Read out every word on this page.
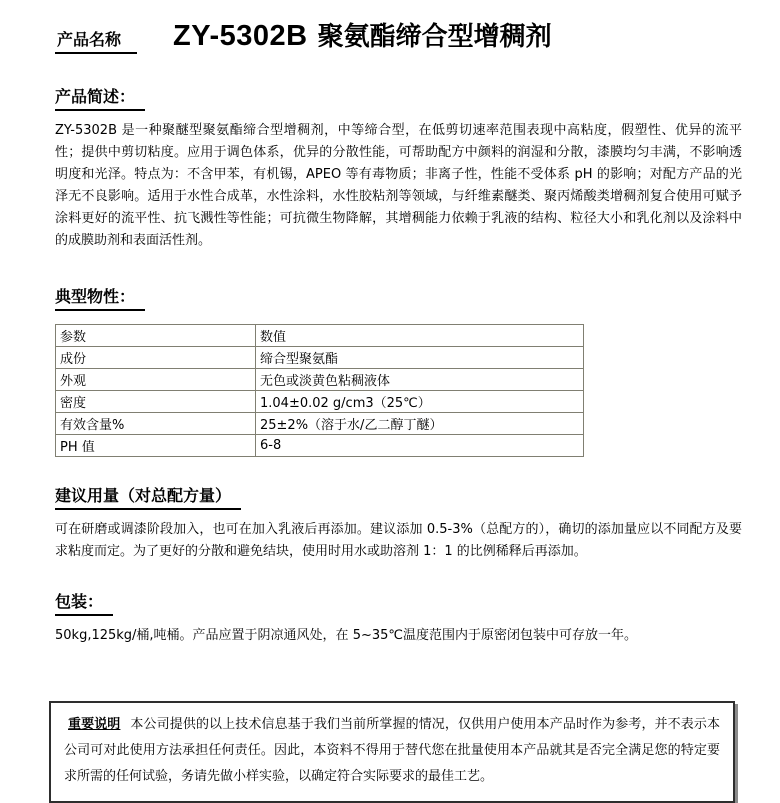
产品名称	ZY-5302B 聚氨酯缔合型增稠剂
产品简述：
ZY-5302B 是一种聚醚型聚氨酯缔合型增稠剂，中等缔合型，在低剪切速率范围表现中高粘度，假塑性、优异的流平性；提供中剪切粘度。应用于调色体系，优异的分散性能，可帮助配方中颜料的润湿和分散，漆膜均匀丰满，不影响透明度和光泽。特点为：不含甲苯，有机锡，APEO 等有毒物质；非离子性，性能不受体系 pH 的影响；对配方产品的光泽无不良影响。适用于水性合成革，水性涂料，水性胶粘剂等领域，与纤维素醚类、聚丙烯酸类增稠剂复合使用可赋予涂料更好的流平性、抗飞溅性等性能；可抗微生物降解，其增稠能力依赖于乳液的结构、粒径大小和乳化剂以及涂料中的成膜助剂和表面活性剂。
典型物性：
参数	数值
成份	缔合型聚氨酯
外观	无色或淡黄色粘稠液体
密度	1.04±0.02 g/cm3（25℃）
有效含量%	25±2%（溶于水/乙二醇丁醚）
PH 值	6-8
建议用量（对总配方量）
可在研磨或调漆阶段加入，也可在加入乳液后再添加。建议添加 0.5-3%（总配方的），确切的添加量应以不同配方及要求粘度而定。为了更好的分散和避免结块，使用时用水或助溶剂 1：1 的比例稀释后再添加。
包装：
50kg,125kg/桶,吨桶。产品应置于阴凉通风处，在 5~35℃温度范围内于原密闭包装中可存放一年。
重要说明 本公司提供的以上技术信息基于我们当前所掌握的情况，仅供用户使用本产品时作为参考，并不表示本公司可对此使用方法承担任何责任。因此，本资料不得用于替代您在批量使用本产品就其是否完全满足您的特定要求所需的任何试验，务请先做小样实验，以确定符合实际要求的最佳工艺。
